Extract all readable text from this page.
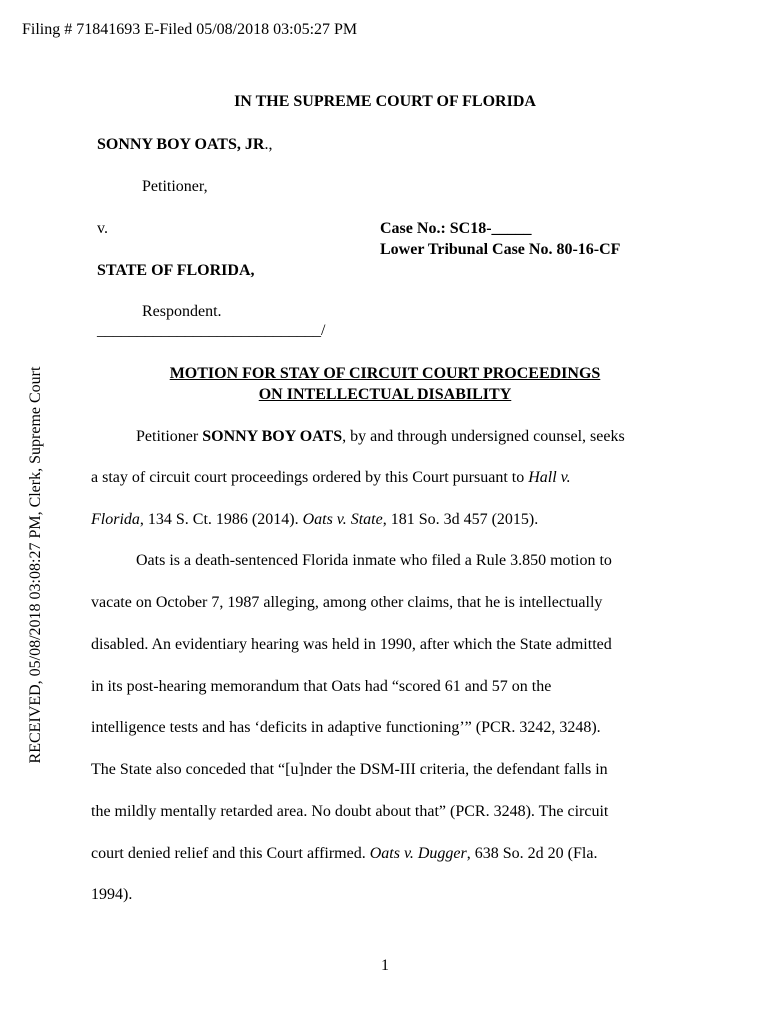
Filing # 71841693 E-Filed 05/08/2018 03:05:27 PM
RECEIVED, 05/08/2018 03:08:27 PM, Clerk, Supreme Court
IN THE SUPREME COURT OF FLORIDA
SONNY BOY OATS, JR.,
Petitioner,
v.
STATE OF FLORIDA,
Respondent.
____________________________/
Case No.: SC18-_____
Lower Tribunal Case No. 80-16-CF
MOTION FOR STAY OF CIRCUIT COURT PROCEEDINGS
ON INTELLECTUAL DISABILITY
Petitioner SONNY BOY OATS, by and through undersigned counsel, seeks
a stay of circuit court proceedings ordered by this Court pursuant to Hall v.
Florida, 134 S. Ct. 1986 (2014). Oats v. State, 181 So. 3d 457 (2015).
Oats is a death-sentenced Florida inmate who filed a Rule 3.850 motion to
vacate on October 7, 1987 alleging, among other claims, that he is intellectually
disabled. An evidentiary hearing was held in 1990, after which the State admitted
in its post-hearing memorandum that Oats had “scored 61 and 57 on the
intelligence tests and has ‘deficits in adaptive functioning’” (PCR. 3242, 3248).
The State also conceded that “[u]nder the DSM-III criteria, the defendant falls in
the mildly mentally retarded area. No doubt about that” (PCR. 3248). The circuit
court denied relief and this Court affirmed. Oats v. Dugger, 638 So. 2d 20 (Fla.
1994).
1
